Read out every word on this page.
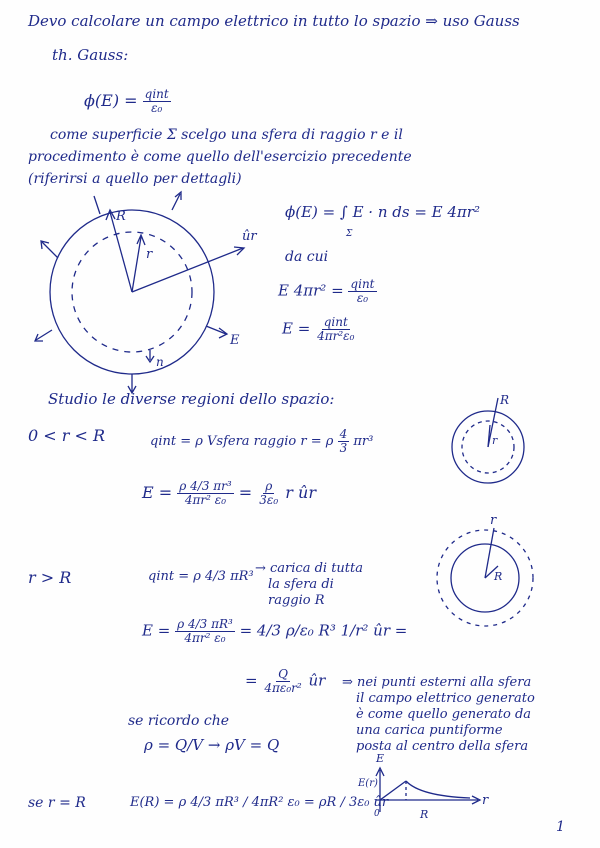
Devo calcolare un campo elettrico in tutto lo spazio ⇒ uso Gauss
th. Gauss:
$\phi(E) = \frac{\text{qint}}{\text{ε₀}}$
come superficie Σ scelgo una sfera di raggio r e il
procedimento è come quello dell'esercizio precedente
(riferirsi a quello per dettagli)
ϕ(E) = ∫ E · n ds = E 4πr²
da cui
E $4\pi r^2 = \frac{\text{qint}}{\text{ε₀}}$
$E = \frac{\text{qint}}{\text{4πr²ε₀}}$
Studio le diverse regioni dello spazio:
0 < r < R	qint = ρ Vsfera raggio r = ρ $\frac{4}{3} \pi r^3$
$E = \frac{\text{ρ 4/3 πr³}}{\text{4πr² ε₀}} = \frac{\rho}{\text{3ε₀}}$ r ûr
r > R	qint = ρ 4/3 πR³
→ carica di tutta
la sfera di
raggio R
$E = \frac{\text{ρ 4/3 πR³}}{\text{4πr² ε₀}} = 4/3$ ρ/ε₀ R³ 1/r² ûr =
= $\frac{Q}{\text{4πε₀r²}}$ ûr ⇒ nei punti esterni alla sfera
il campo elettrico generato
è come quello generato da
una carica puntiforme
posta al centro della sfera
se ricordo che
ρ = Q/V → ρV = Q
se r = R	E(R) = ρ 4/3 πR³ / 4πR² ε₀ = ρR / 3ε₀ ûr
1
R
r
ûr
E
n
R
r
r
R
E
E(r)
r
0	R
Σ
